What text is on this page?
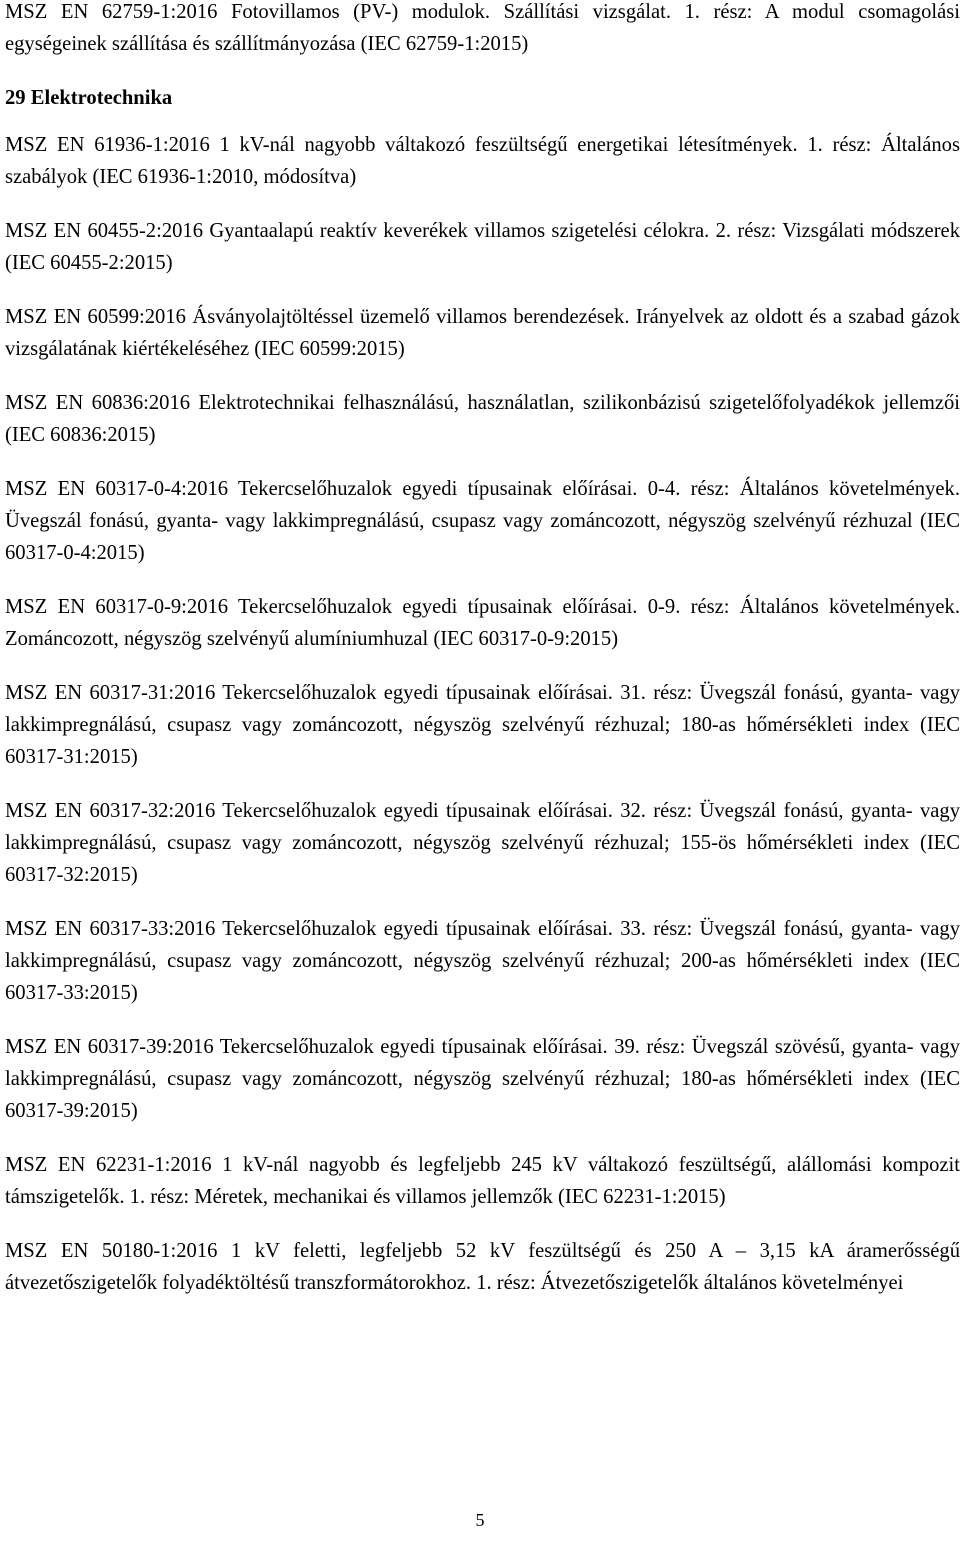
MSZ EN 62759-1:2016 Fotovillamos (PV-) modulok. Szállítási vizsgálat. 1. rész: A modul csomagolási egységeinek szállítása és szállítmányozása (IEC 62759-1:2015)

29 Elektrotechnika

MSZ EN 61936-1:2016 1 kV-nál nagyobb váltakozó feszültségű energetikai létesítmények. 1. rész: Általános szabályok (IEC 61936-1:2010, módosítva)

MSZ EN 60455-2:2016 Gyantaalapú reaktív keverékek villamos szigetelési célokra. 2. rész: Vizsgálati módszerek (IEC 60455-2:2015)

MSZ EN 60599:2016 Ásványolajtöltéssel üzemelő villamos berendezések. Irányelvek az oldott és a szabad gázok vizsgálatának kiértékeléséhez (IEC 60599:2015)

MSZ EN 60836:2016 Elektrotechnikai felhasználású, használatlan, szilikonbázisú szigetelőfolyadékok jellemzői (IEC 60836:2015)

MSZ EN 60317-0-4:2016 Tekercselőhuzalok egyedi típusainak előírásai. 0-4. rész: Általános követelmények. Üvegszál fonású, gyanta- vagy lakkimpregnálású, csupasz vagy zománcozott, négyszög szelvényű rézhuzal (IEC 60317-0-4:2015)

MSZ EN 60317-0-9:2016 Tekercselőhuzalok egyedi típusainak előírásai. 0-9. rész: Általános követelmények. Zománcozott, négyszög szelvényű alumíniumhuzal (IEC 60317-0-9:2015)

MSZ EN 60317-31:2016 Tekercselőhuzalok egyedi típusainak előírásai. 31. rész: Üvegszál fonású, gyanta- vagy lakkimpregnálású, csupasz vagy zománcozott, négyszög szelvényű rézhuzal; 180-as hőmérsékleti index (IEC 60317-31:2015)

MSZ EN 60317-32:2016 Tekercselőhuzalok egyedi típusainak előírásai. 32. rész: Üvegszál fonású, gyanta- vagy lakkimpregnálású, csupasz vagy zománcozott, négyszög szelvényű rézhuzal; 155-ös hőmérsékleti index (IEC 60317-32:2015)

MSZ EN 60317-33:2016 Tekercselőhuzalok egyedi típusainak előírásai. 33. rész: Üvegszál fonású, gyanta- vagy lakkimpregnálású, csupasz vagy zománcozott, négyszög szelvényű rézhuzal; 200-as hőmérsékleti index (IEC 60317-33:2015)

MSZ EN 60317-39:2016 Tekercselőhuzalok egyedi típusainak előírásai. 39. rész: Üvegszál szövésű, gyanta- vagy lakkimpregnálású, csupasz vagy zománcozott, négyszög szelvényű rézhuzal; 180-as hőmérsékleti index (IEC 60317-39:2015)

MSZ EN 62231-1:2016 1 kV-nál nagyobb és legfeljebb 245 kV váltakozó feszültségű, alállomási kompozit támszigetelők. 1. rész: Méretek, mechanikai és villamos jellemzők (IEC 62231-1:2015)

MSZ EN 50180-1:2016 1 kV feletti, legfeljebb 52 kV feszültségű és 250 A – 3,15 kA áramerősségű átvezetőszigetelők folyadéktöltésű transzformátorokhoz. 1. rész: Átvezetőszigetelők általános követelményei

5
